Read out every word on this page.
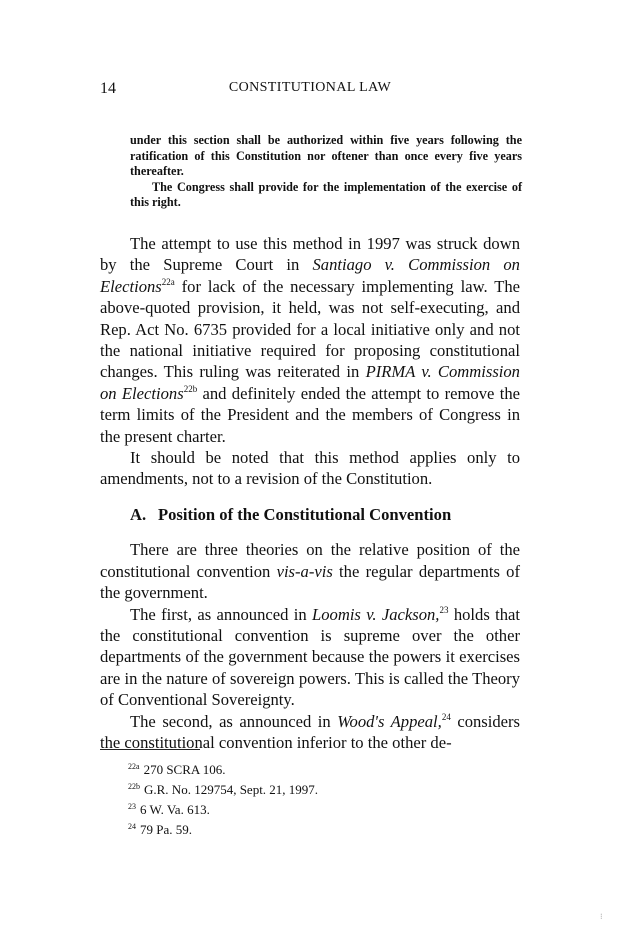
14	CONSTITUTIONAL LAW

under this section shall be authorized within five years following the ratification of this Constitution nor oftener than once every five years thereafter.

The Congress shall provide for the implementation of the exercise of this right.

The attempt to use this method in 1997 was struck down by the Supreme Court in Santiago v. Commission on Elections$^{22a}$ for lack of the necessary implementing law. The above-quoted provision, it held, was not self-executing, and Rep. Act No. 6735 provided for a local initiative only and not the national initiative required for proposing constitutional changes. This ruling was reiterated in PIRMA v. Commission on Elections$^{22b}$ and definitely ended the attempt to remove the term limits of the President and the members of Congress in the present charter.

It should be noted that this method applies only to amendments, not to a revision of the Constitution.

A. Position of the Constitutional Convention

There are three theories on the relative position of the constitutional convention vis-a-vis the regular departments of the government.

The first, as announced in Loomis v. Jackson,$^{23}$ holds that the constitutional convention is supreme over the other departments of the government because the powers it exercises are in the nature of sovereign powers. This is called the Theory of Conventional Sovereignty.

The second, as announced in Wood's Appeal,$^{24}$ considers the constitutional convention inferior to the other de-

$^{22a}$ 270 SCRA 106.
$^{22b}$ G.R. No. 129754, Sept. 21, 1997.
$^{23}$ 6 W. Va. 613.
$^{24}$ 79 Pa. 59.
⁝
